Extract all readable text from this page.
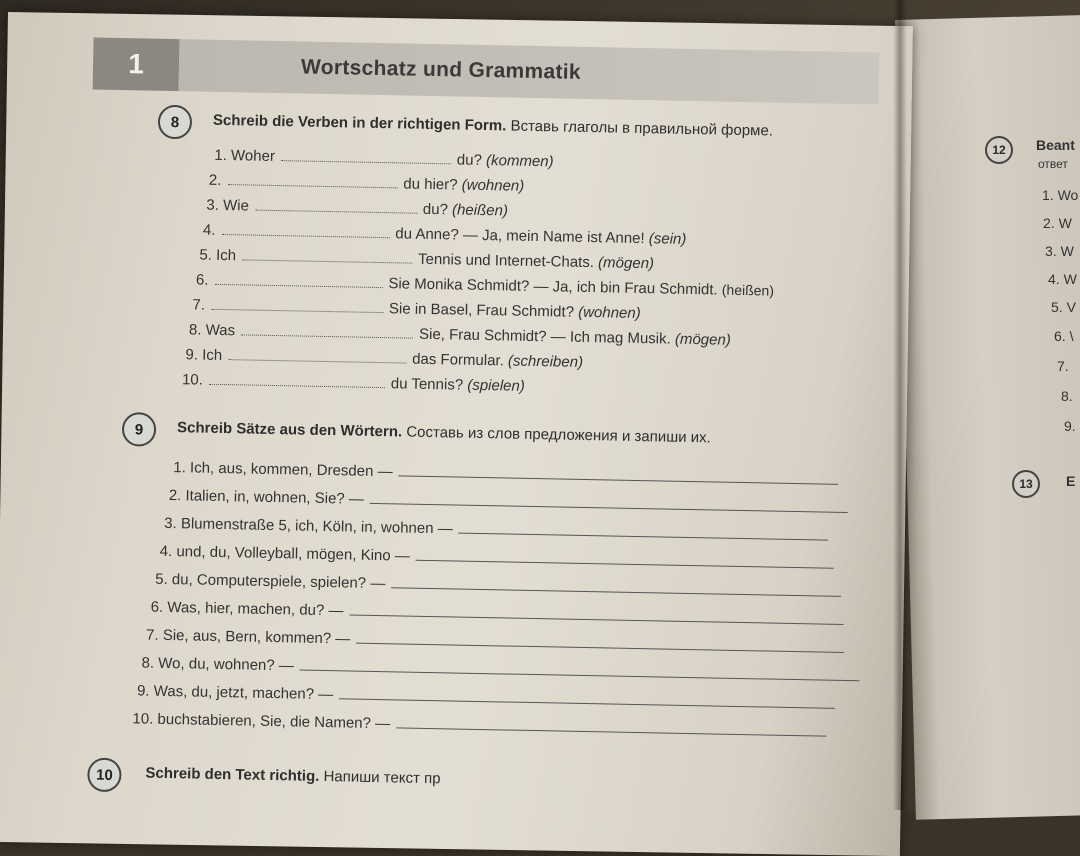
1	Wortschatz und Grammatik
8	Schreib die Verben in der richtigen Form. Вставь глаголы в правильной форме.
1. Woher	du? (kommen)
2.	du hier? (wohnen)
3. Wie	du? (heißen)
4.	du Anne? — Ja, mein Name ist Anne! (sein)
5. Ich	Tennis und Internet-Chats. (mögen)
6.	Sie Monika Schmidt? — Ja, ich bin Frau Schmidt. (heißen)
7.	Sie in Basel, Frau Schmidt? (wohnen)
8. Was	Sie, Frau Schmidt? — Ich mag Musik. (mögen)
9. Ich	das Formular. (schreiben)
10.	du Tennis? (spielen)
9	Schreib Sätze aus den Wörtern. Составь из слов предложения и запиши их.
1. Ich, aus, kommen, Dresden —
2. Italien, in, wohnen, Sie? —
3. Blumenstraße 5, ich, Köln, in, wohnen —
4. und, du, Volleyball, mögen, Kino —
5. du, Computerspiele, spielen? —
6. Was, hier, machen, du? —
7. Sie, aus, Bern, kommen? —
8. Wo, du, wohnen? —
9. Was, du, jetzt, machen? —
10. buchstabieren, Sie, die Namen? —
10	Schreib den Text richtig. Напиши текст пр
12	Beant
ответ
1. Wo
2. W
3. W
4. W
5. V
6. \
7.
8.
9.
13	E
